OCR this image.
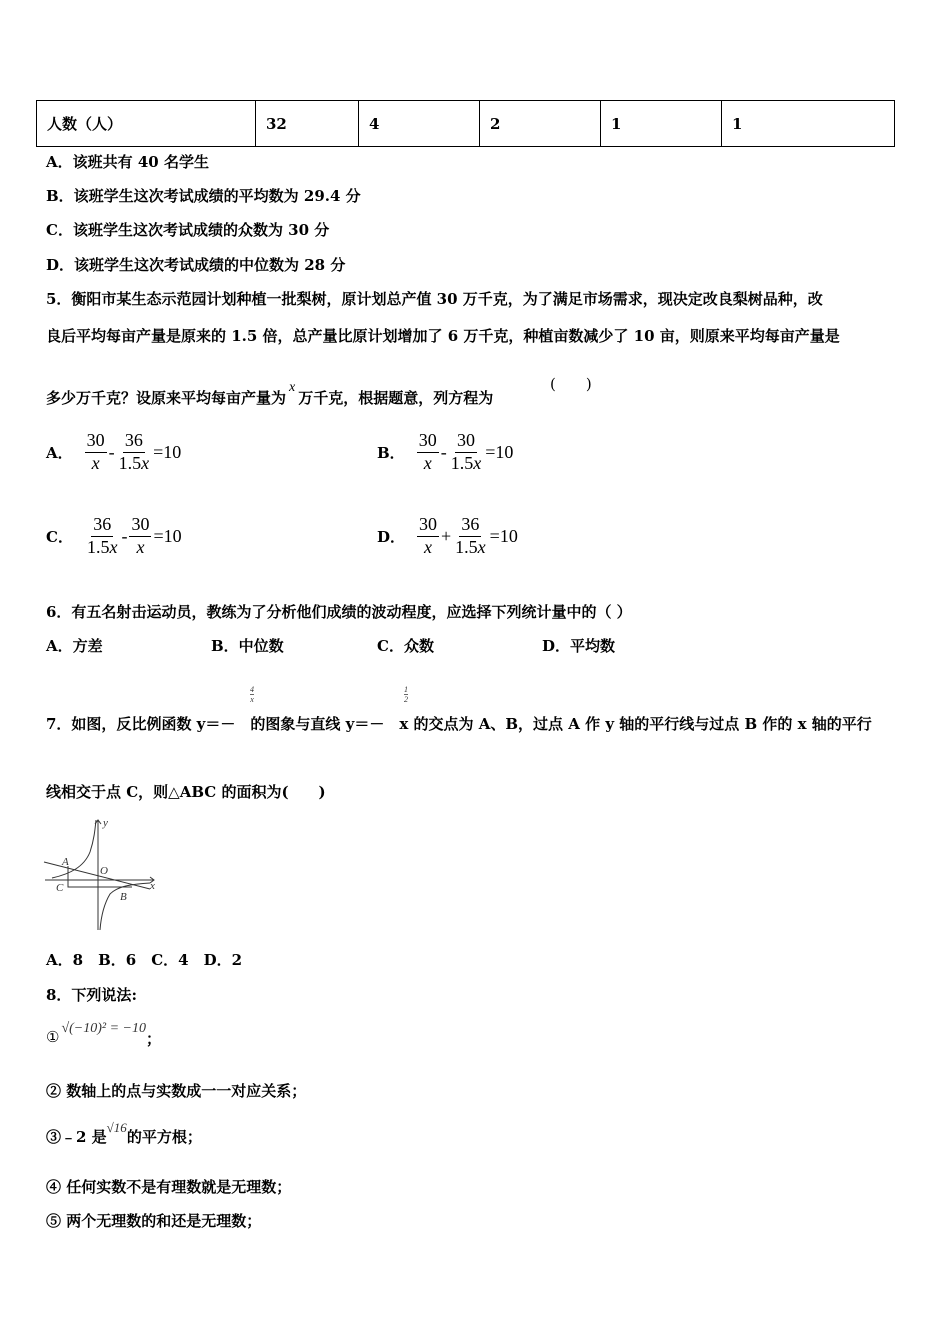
人数（人）	32	4	2	1	1
A．该班共有 40 名学生
B．该班学生这次考试成绩的平均数为 29.4 分
C．该班学生这次考试成绩的众数为 30 分
D．该班学生这次考试成绩的中位数为 28 分
5．衡阳市某生态示范园计划种植一批梨树，原计划总产值 30 万千克，为了满足市场需求，现决定改良梨树品种，改
良后平均每亩产量是原来的 1.5 倍，总产量比原计划增加了 6 万千克，种植亩数减少了 10 亩，则原来平均每亩产量是
多少万千克？设原来平均每亩产量为x万千克，根据题意，列方程为
(　　)
A． $\frac{30}{x} - \frac{36}{1.5x} =10$	B． $\frac{30}{x} - \frac{30}{1.5x} =10$
C． $\frac{36}{1.5x} - \frac{30}{x} =10$	D． $\frac{30}{x} + \frac{36}{1.5x} =10$
6．有五名射击运动员，教练为了分析他们成绩的波动程度，应选择下列统计量中的（ ）
A．方差	B．中位数	C．众数	D．平均数
$\frac{4}{x}$	$\frac{1}{2}$
7．如图，反比例函数 y＝－　的图象与直线 y＝－　x 的交点为 A、B，过点 A 作 y 轴的平行线与过点 B 作的 x 轴的平行
线相交于点 C，则△ABC 的面积为(　　)
y
x
A
O
C
B
A．8　B．6　C．4　D．2
8．下列说法:
① √(−10)² = −10；
② 数轴上的点与实数成一一对应关系；
③﹣2 是√16的平方根；
④ 任何实数不是有理数就是无理数；
⑤ 两个无理数的和还是无理数；
